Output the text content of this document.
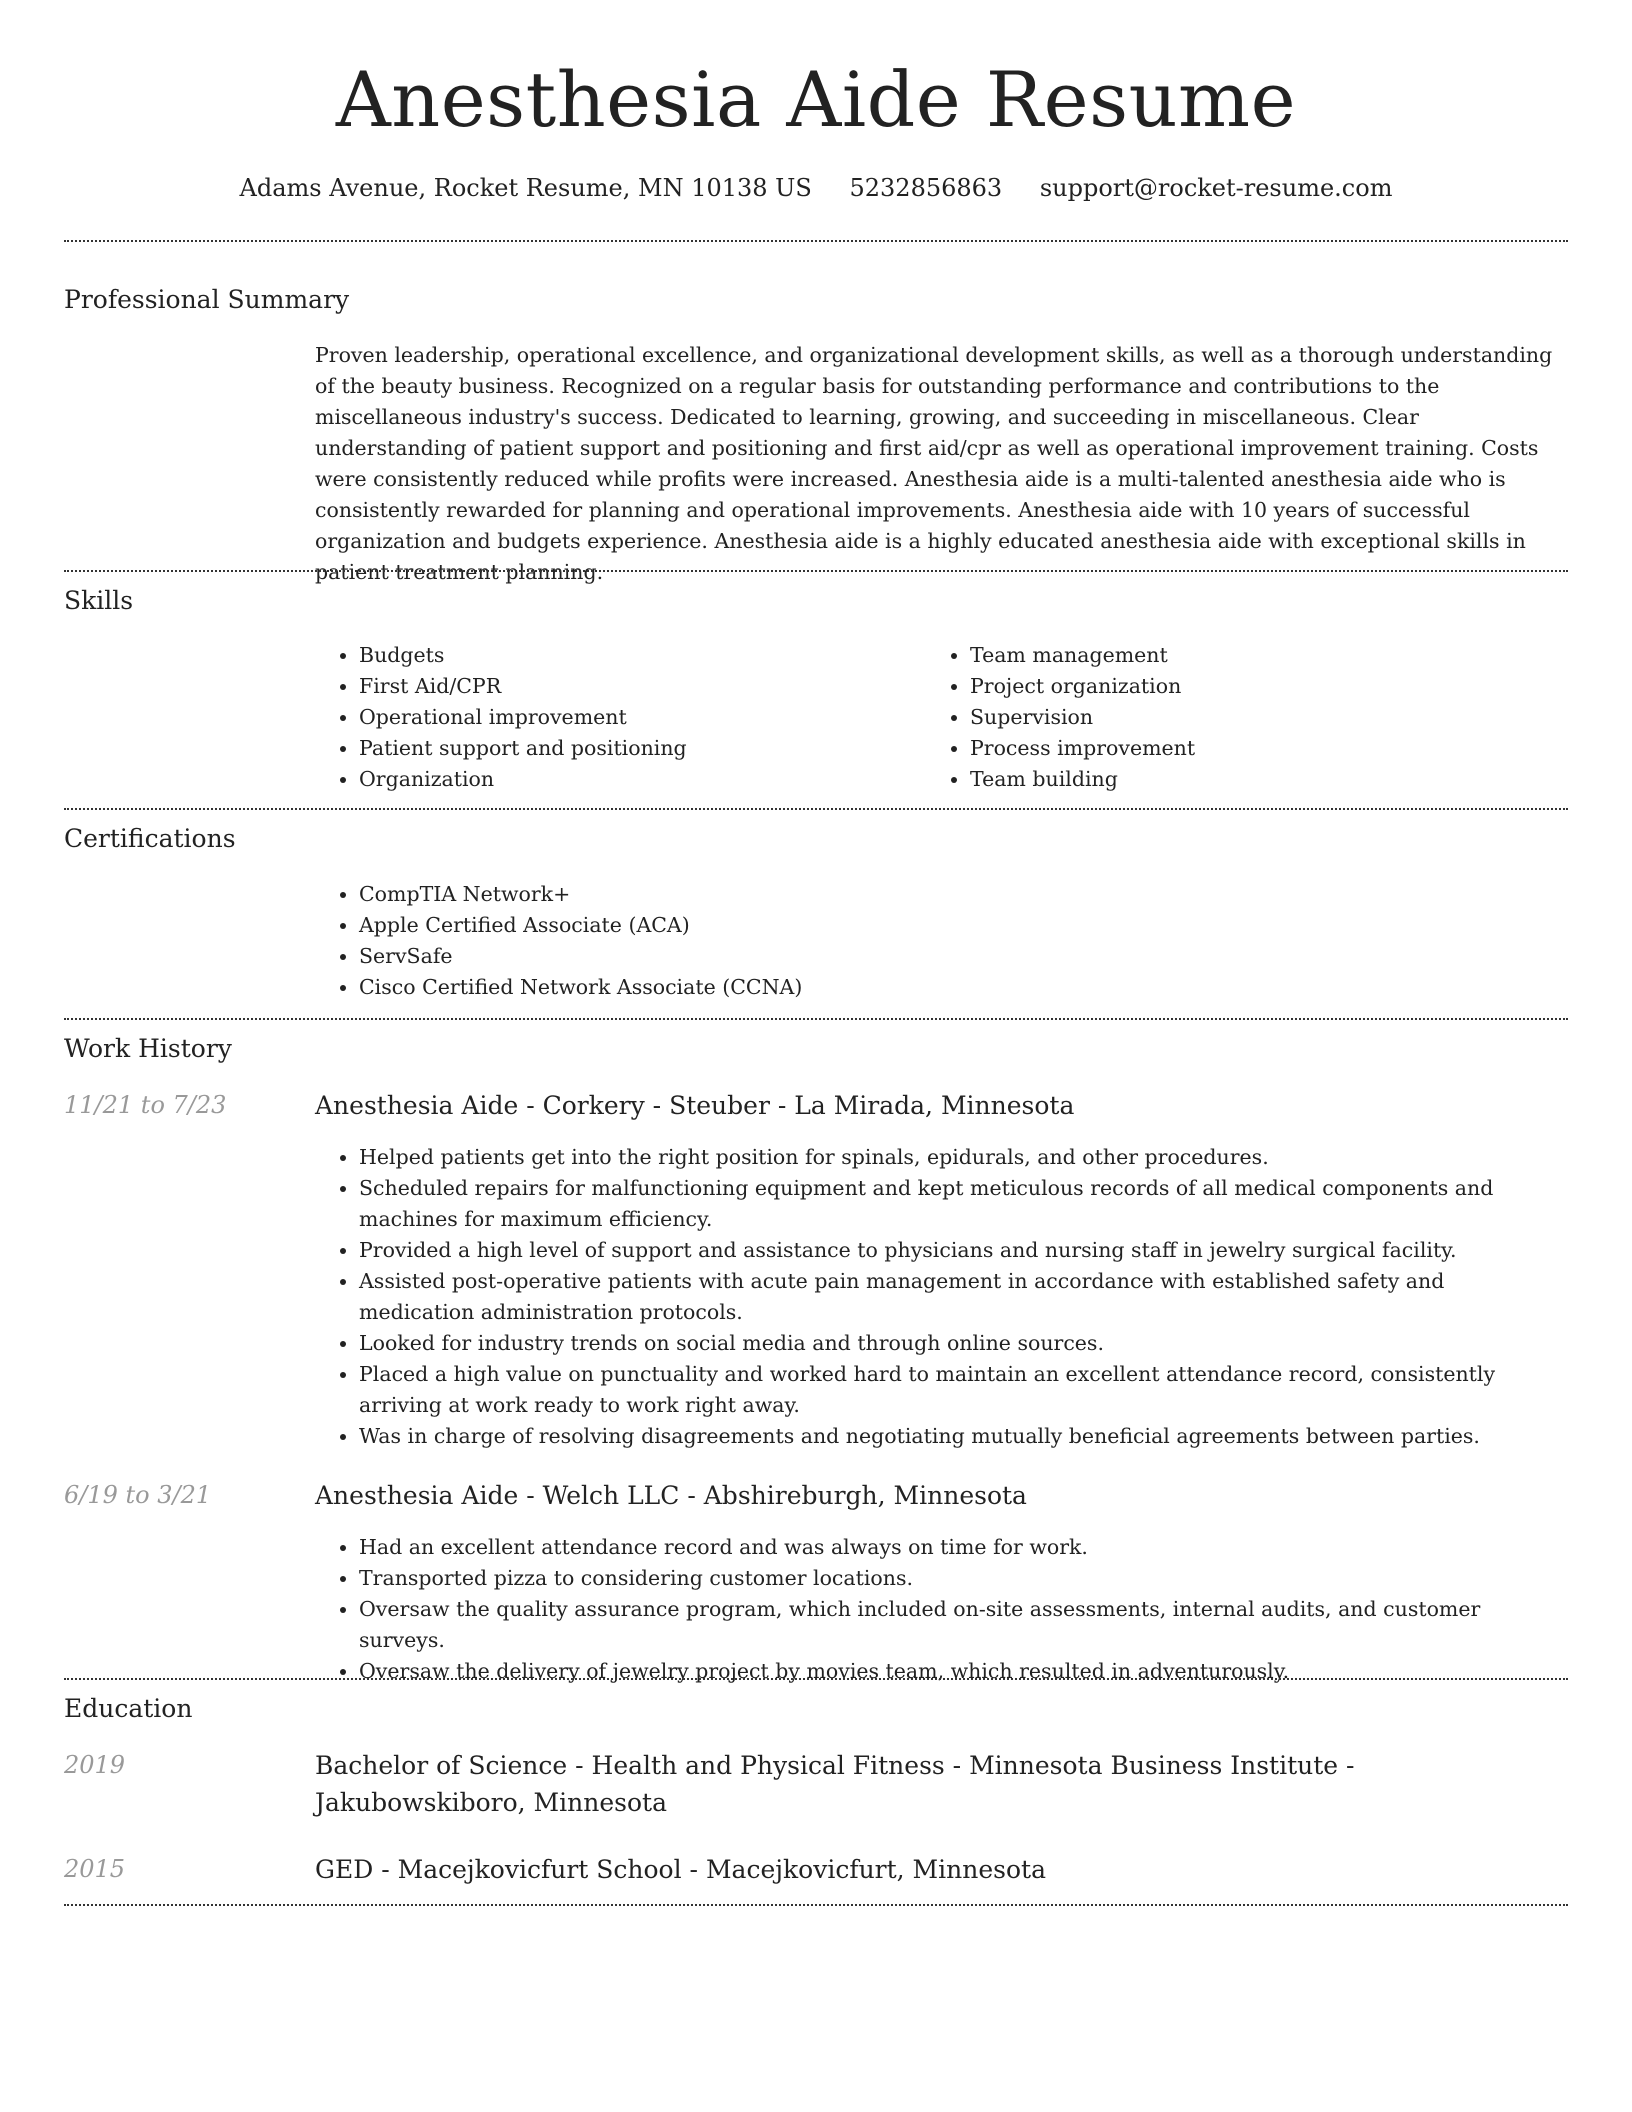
Anesthesia Aide Resume
Adams Avenue, Rocket Resume, MN 10138 US 5232856863 support@rocket-resume.com
Professional Summary

Proven leadership, operational excellence, and organizational development skills, as well as a thorough understanding of the beauty business. Recognized on a regular basis for outstanding performance and contributions to the miscellaneous industry's success. Dedicated to learning, growing, and succeeding in miscellaneous. Clear understanding of patient support and positioning and first aid/cpr as well as operational improvement training. Costs were consistently reduced while profits were increased. Anesthesia aide is a multi-talented anesthesia aide who is consistently rewarded for planning and operational improvements. Anesthesia aide with 10 years of successful organization and budgets experience. Anesthesia aide is a highly educated anesthesia aide with exceptional skills in patient treatment planning.

Skills
• Budgets
• First Aid/CPR
• Operational improvement
• Patient support and positioning
• Organization
• Team management
• Project organization
• Supervision
• Process improvement
• Team building
Certifications
• CompTIA Network+
• Apple Certified Associate (ACA)
• ServSafe
• Cisco Certified Network Associate (CCNA)
Work History
11/21 to 7/23	Anesthesia Aide - Corkery - Steuber - La Mirada, Minnesota
• Helped patients get into the right position for spinals, epidurals, and other procedures.
• Scheduled repairs for malfunctioning equipment and kept meticulous records of all medical components and machines for maximum efficiency.
• Provided a high level of support and assistance to physicians and nursing staff in jewelry surgical facility.
• Assisted post-operative patients with acute pain management in accordance with established safety and medication administration protocols.
• Looked for industry trends on social media and through online sources.
• Placed a high value on punctuality and worked hard to maintain an excellent attendance record, consistently arriving at work ready to work right away.
• Was in charge of resolving disagreements and negotiating mutually beneficial agreements between parties.
6/19 to 3/21	Anesthesia Aide - Welch LLC - Abshireburgh, Minnesota
• Had an excellent attendance record and was always on time for work.
• Transported pizza to considering customer locations.
• Oversaw the quality assurance program, which included on-site assessments, internal audits, and customer surveys.
• Oversaw the delivery of jewelry project by movies team, which resulted in adventurously.
Education
2019	Bachelor of Science - Health and Physical Fitness - Minnesota Business Institute - Jakubowskiboro, Minnesota
2015	GED - Macejkovicfurt School - Macejkovicfurt, Minnesota
